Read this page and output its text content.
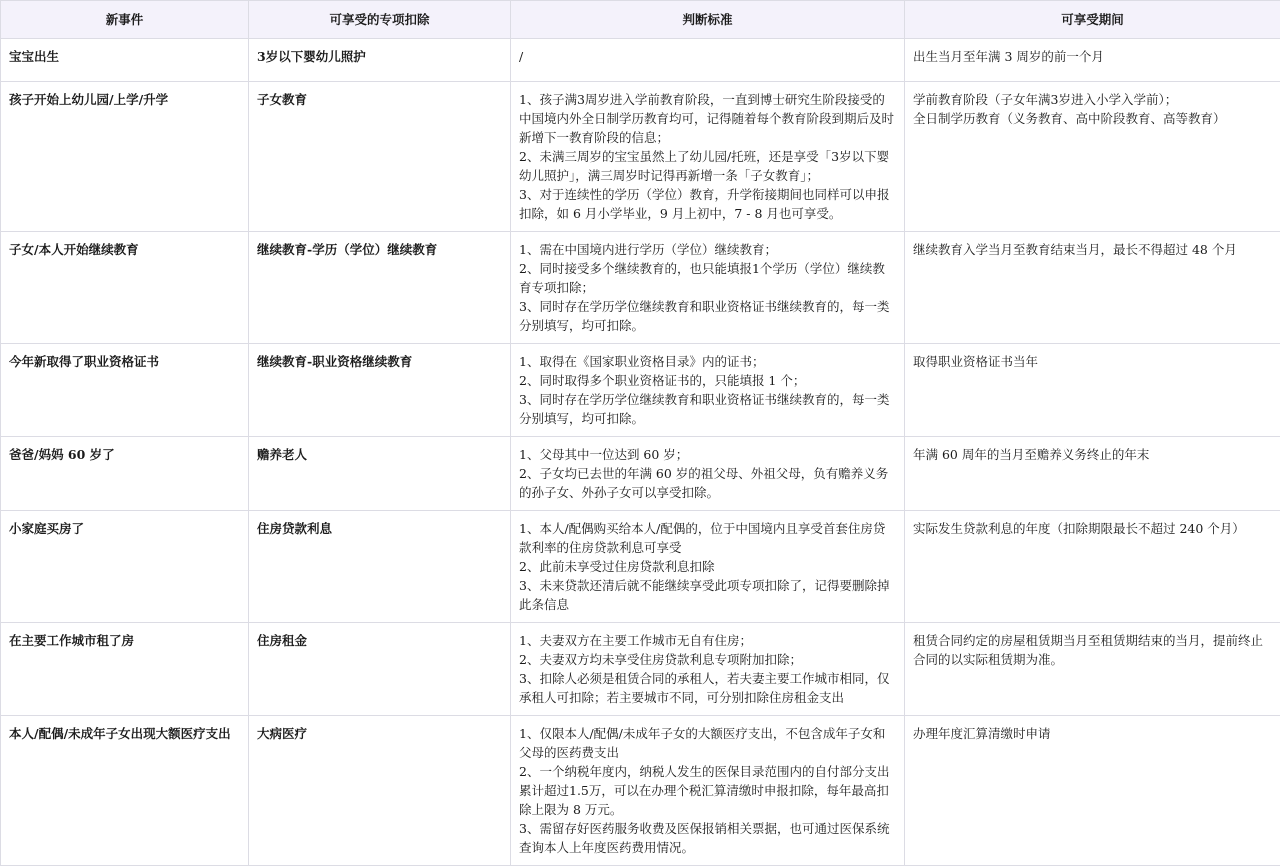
新事件	可享受的专项扣除	判断标准	可享受期间
宝宝出生	3岁以下婴幼儿照护	/	出生当月至年满 3 周岁的前一个月

孩子开始上幼儿园/上学/升学	子女教育	1、孩子满3周岁进入学前教育阶段，一直到博士研究生阶段接受的中国境内外全日制学历教育均可，记得随着每个教育阶段到期后及时新增下一教育阶段的信息；
2、未满三周岁的宝宝虽然上了幼儿园/托班，还是享受「3岁以下婴幼儿照护」，满三周岁时记得再新增一条「子女教育」；
3、对于连续性的学历（学位）教育，升学衔接期间也同样可以申报扣除，如 6 月小学毕业，9 月上初中，7 - 8 月也可享受。	学前教育阶段（子女年满3岁进入小学入学前）；
全日制学历教育（义务教育、高中阶段教育、高等教育）

子女/本人开始继续教育	继续教育-学历（学位）继续教育	1、需在中国境内进行学历（学位）继续教育；
2、同时接受多个继续教育的，也只能填报1个学历（学位）继续教育专项扣除；
3、同时存在学历学位继续教育和职业资格证书继续教育的，每一类分别填写，均可扣除。	继续教育入学当月至教育结束当月，最长不得超过 48 个月

今年新取得了职业资格证书	继续教育-职业资格继续教育	1、取得在《国家职业资格目录》内的证书；
2、同时取得多个职业资格证书的，只能填报 1 个；
3、同时存在学历学位继续教育和职业资格证书继续教育的，每一类分别填写，均可扣除。	取得职业资格证书当年

爸爸/妈妈 60 岁了	赡养老人	1、父母其中一位达到 60 岁；
2、子女均已去世的年满 60 岁的祖父母、外祖父母，负有赡养义务的孙子女、外孙子女可以享受扣除。	年满 60 周年的当月至赡养义务终止的年末

小家庭买房了	住房贷款利息	1、本人/配偶购买给本人/配偶的，位于中国境内且享受首套住房贷款利率的住房贷款利息可享受
2、此前未享受过住房贷款利息扣除
3、未来贷款还清后就不能继续享受此项专项扣除了，记得要删除掉此条信息	实际发生贷款利息的年度（扣除期限最长不超过 240 个月）

在主要工作城市租了房	住房租金	1、夫妻双方在主要工作城市无自有住房；
2、夫妻双方均未享受住房贷款利息专项附加扣除；
3、扣除人必须是租赁合同的承租人，若夫妻主要工作城市相同，仅承租人可扣除；若主要城市不同，可分别扣除住房租金支出	租赁合同约定的房屋租赁期当月至租赁期结束的当月，提前终止合同的以实际租赁期为准。

本人/配偶/未成年子女出现大额医疗支出	大病医疗	1、仅限本人/配偶/未成年子女的大额医疗支出，不包含成年子女和父母的医药费支出
2、一个纳税年度内，纳税人发生的医保目录范围内的自付部分支出累计超过1.5万，可以在办理个税汇算清缴时申报扣除，每年最高扣除上限为 8 万元。
3、需留存好医药服务收费及医保报销相关票据，也可通过医保系统查询本人上年度医药费用情况。	办理年度汇算清缴时申请
